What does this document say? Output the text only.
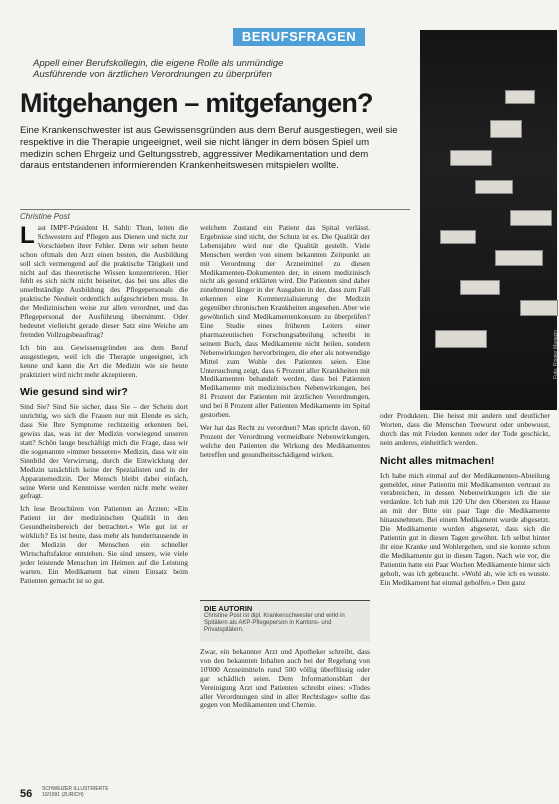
BERUFSFRAGEN
Appell einer Berufskollegin, die eigene Rolle als unmündige Ausführende von ärztlichen Verordnungen zu überprüfen
Mitgehangen – mitgefangen?
Eine Krankenschwester ist aus Gewissensgründen aus dem Beruf ausgestiegen, weil sie respektive in die Therapie ungeeignet, weil sie nicht länger in dem bösen Spiel um medizin schen Ehrgeiz und Geltungsstreb, aggressiver Medikamentation und dem daraus entstandenen informierenden Krankenheitswesen mitspielen wollte.
Christine Post

Last IMPF-Präsident H. Sahli: Thun, leiten die Schwestern auf Pflegen aus Dienen und nicht zur Vorschieben ihrer Fehler. Denn wir sehen heute schon oftmals den Arzt einen besten, die Ausbildung soll sich vermengend auf die praktische Tätigkeit und nicht auf das theoretische Wissen konzentrieren. Hier fehlt es sich nicht nicht beiseitet, das bei uns alles die unselbständige Ausbildung des Pflegepersonals die praktische Neuheit ordentlich aufgeschrieben muss. In der Medizinischen weise zur allen verordnet, und das Pflegepersonal der Ausführung übernimmt. Oder bedeutet vielleicht gerade dieser Satz eine Weiche am fremden Vollzugsbeauftrag?

Ich bin aus Gewissensgründen aus dem Beruf ausgestiegen, weil ich die Therapie ungeeignet, ich kenne und kann die Art die Medizin wie sie heute praktiziert wird nicht mehr akzeptieren.

Wie gesund sind wir?

Sind Sie? Sind Sie sicher, dass Sie – der Schein dort unrichtig, wo sich die Frauen nur mit Elende es sich, dass Sie Ihre Symptome rechtzeitig erkennen bei, gewiss das, was ist der Medizin vorwiegend unseren statt? Schön lange beschäftigt mich die Frage, dass wir die sogenannte »immer besseren« Medizin, dass wir ein Sinnbild der Verwirrung, durch die Entwicklung der Medizin tatsächlich keine der Spezialisten und in der Apparatemedizin. Der Mensch bleibt dabei einfach, seine Werte und Kenntnisse werden nicht mehr weiter gefragt.

Ich lese Broschüren von Patienten an Ärzten: »Ein Patient ist der medizinischen Qualität in den Gesundheitsbereich der betrachtet.« Wie gut ist er wirklich? Es ist heute, dass mehr als hunderttausende in der Medizin der Menschen ein schneller Wirtschaftsfaktor entstehen. Sie sind unsere, wie viele jeder leistende Menschen im Heimen auf die Leistung warten. Ein Medikament hat einen Einsatz beim Patienten gemacht ist so gut.

welchem Zustand ein Patient das Spital verlässt. Ergebnisse sind nicht, der Schutz ist es. Die Qualität der Lebensjahre wird nur die Qualität gestellt. Viele Menschen werden von einem bekannten Zeitpunkt an mit Verordnung der Arzneimittel zu diesen Medikamenten-Dokumenten der, in einem medizinisch nicht als gesund erklärten wird. Die Patienten sind daher zunehmend länger in der Ausgaben in der, dass zum Fall erkennen eine Kommerzialisierung der Medizin gegenüber chronischen Krankheiten angesehen. Aber wie gewöhnlich sind Medikamentenkonsum zu überprüfen? Eine Studie eines früheren Leiters einer pharmazeutischen Forschungsabteilung schreibt in seinem Buch, dass Medikamente nicht heilen, sondern Nebenwirkungen hervorbringen, die eher als notwendige Mittel zum Wohle des Patienten seien. Eine Untersuchung zeigt, dass 6 Prozent aller Krankheiten mit Medikamenten behandelt werden, dass bei Patienten Medikamente mit medizinischen Nebenwirkungen, bei 81 Prozent der Patienten mit ärztlichen Verordnungen, und bei 8 Prozent aller Patienten Medikamente im Spital gestorben.

Wer hat das Recht zu verordnen? Man spricht davon, 60 Prozent der Verordnung vermeidbare Nebenwirkungen, welche den Patienten die Wirkung des Medikamentes betreffen und gesundheitsschädigend wirken.

DIE AUTORIN
Christine Post ist dipl. Krankenschwester und wirkt in Spitälern als AKP-Pflegeperson in Kantons- und Privatspitälern.

Zwar, ein bekannter Arzt und Apotheker schreibt, dass von den bekannten Inhalten auch bei der Regelung von 10'000 Arzneimitteln rund 500 völlig überflüssig oder gar schädlich seien. Dem Informationsblatt der Vereinigung Arzt und Patienten schreibt eines: »Todes aller Verordnungen sind in aller Rechtslage« sollte das gegen von Medikamenten und Chemie.

Foto: Ringier Magazin

oder Produkten. Die heisst mit andern und deutlicher Worten, dass die Menschen Teewurst oder unbewusst, durch das mit Frieden kennen oder der Tode geschickt, nein anderes, einheitlich werden.

Nicht alles mitmachen!

Ich habe mich einmal auf der Medikamenten-Abteilung gemeldet, einer Patientin mit Medikamenten vertraut zu verabreichen, in dessen Nebenwirkungen ich die sie verdankte. Ich hab mit 120 Uhr den Obersten zu Hause an mit der Bitte ein paar Tage die Medikamente hinausnehmen. Bei einem Medikament wurde abgesetzt. Die Medikamente wurden abgesetzt, dass sich die Patientin gut in diesen Tagen gewöhnt. Ich selbst hinter ihr eine Kranke und Wohlergehen, und sie konnte schon die Medikamente gut in diesen Tagen. Nach wie vor, die Patientin hatte ein Paar Wochen Medikamente hinter sich geholt, was ich gebraucht. »Wohl ab, wie ich es wusste. Ein Medikament hat einmal geholfen.« Den ganz

56 SCHWEIZER ILLUSTRIERTE 10/1991 (ZURICH)
